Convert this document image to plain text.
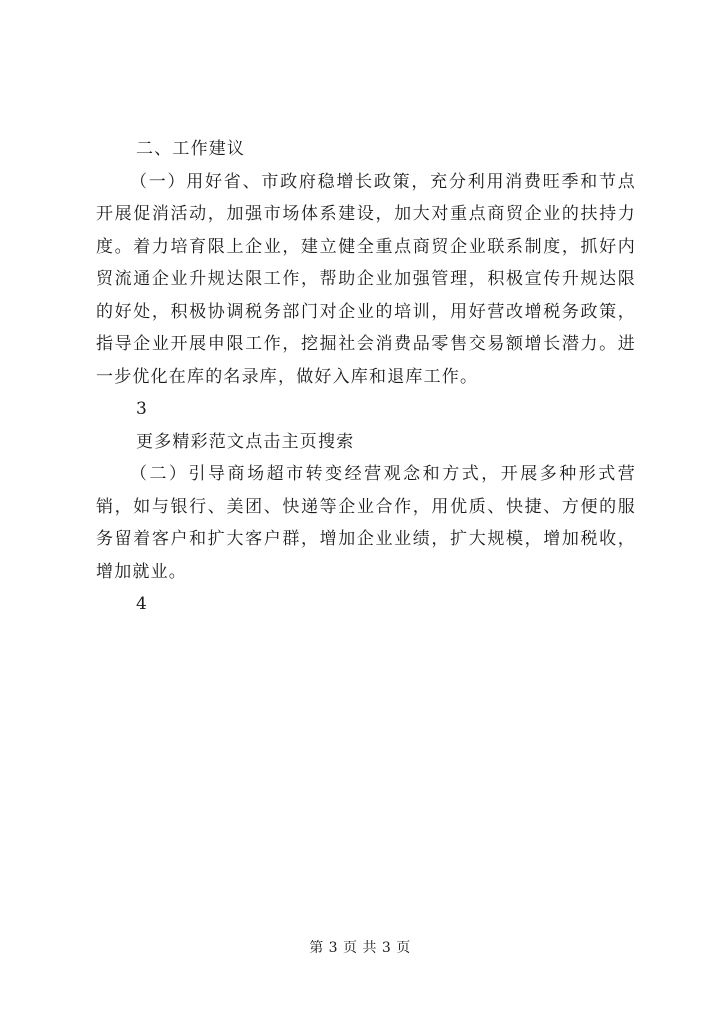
二、工作建议

（一）用好省、市政府稳增长政策，充分利用消费旺季和节点开展促消活动，加强市场体系建设，加大对重点商贸企业的扶持力度。着力培育限上企业，建立健全重点商贸企业联系制度，抓好内贸流通企业升规达限工作，帮助企业加强管理，积极宣传升规达限的好处，积极协调税务部门对企业的培训，用好营改增税务政策，指导企业开展申限工作，挖掘社会消费品零售交易额增长潜力。进一步优化在库的名录库，做好入库和退库工作。

3

更多精彩范文点击主页搜索

（二）引导商场超市转变经营观念和方式，开展多种形式营销，如与银行、美团、快递等企业合作，用优质、快捷、方便的服务留着客户和扩大客户群，增加企业业绩，扩大规模，增加税收，增加就业。

4

第 3 页 共 3 页
